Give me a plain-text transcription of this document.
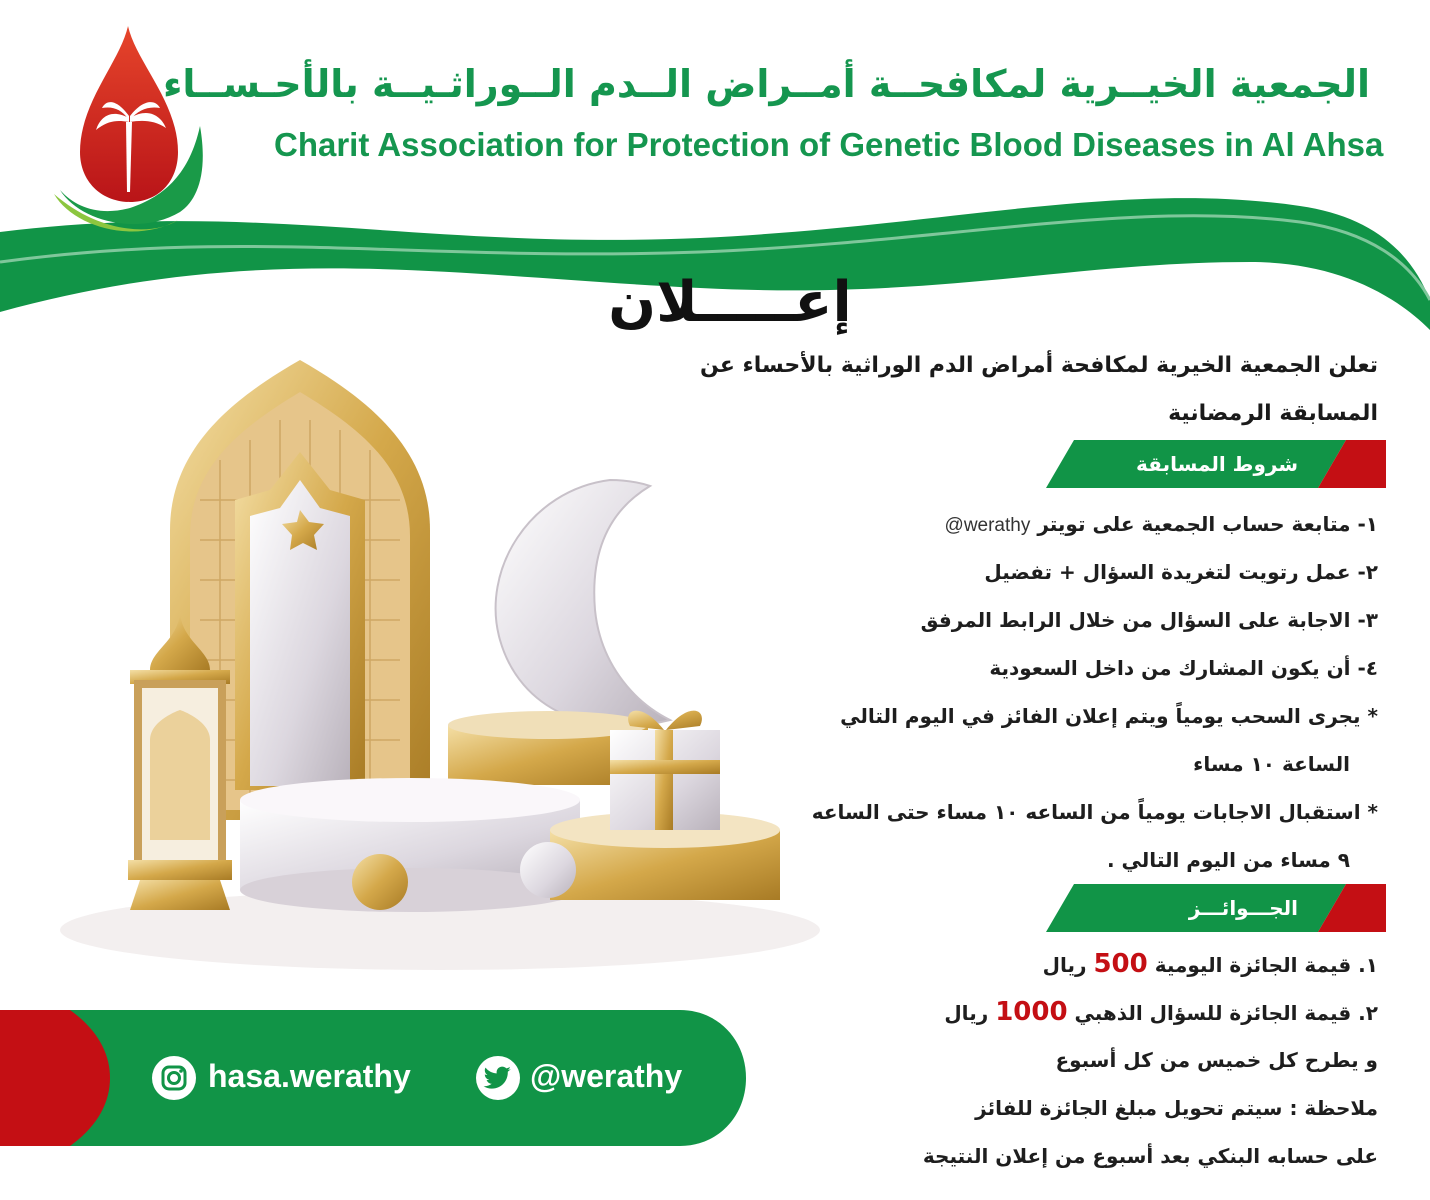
الجمعية الخيــرية لمكافحــة أمــراض الــدم الــوراثـيــة بالأحـســاء
Charit Association for Protection of Genetic Blood Diseases in Al Ahsa
إعـــــلان
تعلن الجمعية الخيرية لمكافحة أمراض الدم الوراثية بالأحساء عن
المسابقة الرمضانية
شروط المسابقة
١- متابعة حساب الجمعية على تويتر werathy@
٢- عمل رتويت لتغريدة السؤال + تفضيل
٣- الاجابة على السؤال من خلال الرابط المرفق
٤- أن يكون المشارك من داخل السعودية
* يجرى السحب يومياً ويتم إعلان الفائز في اليوم التالي
الساعة ١٠ مساء
* استقبال الاجابات يومياً من الساعه ١٠ مساء حتى الساعه
٩ مساء من اليوم التالي .
الجـــوائـــز
١. قيمة الجائزة اليومية 500 ريال
٢. قيمة الجائزة للسؤال الذهبي 1000 ريال
و يطرح كل خميس من كل أسبوع
ملاحظة : سيتم تحويل مبلغ الجائزة للفائز
على حسابه البنكي بعد أسبوع من إعلان النتيجة
hasa.werathy	@werathy
